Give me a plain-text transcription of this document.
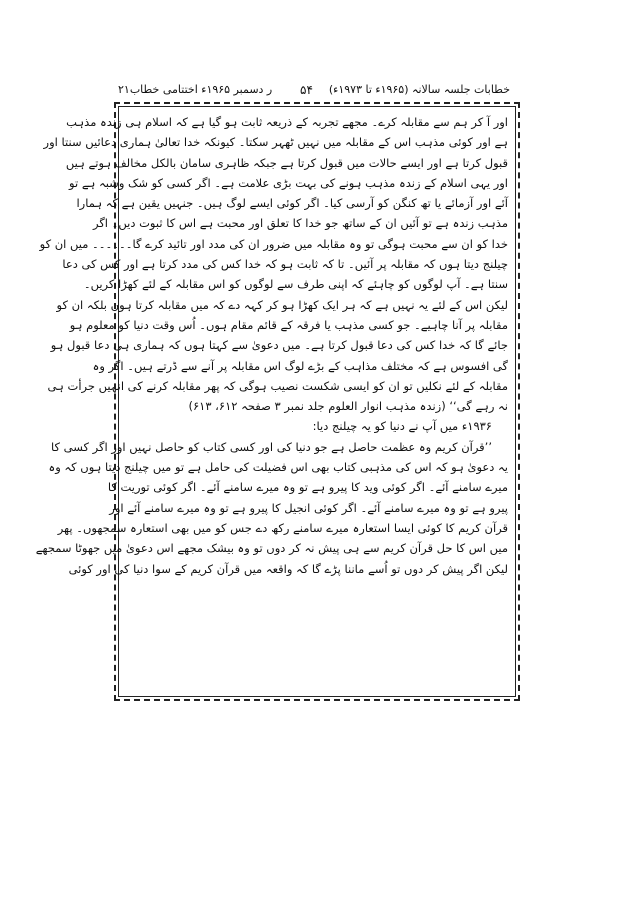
۲۱ر دسمبر ۱۹۶۵ء اختتامی خطاب ۵۴ خطابات جلسہ سالانہ (۱۹۶۵ء تا ۱۹۷۳ء)
اور آ کر ہم سے مقابلہ کرے۔ مجھے تجربہ کے ذریعہ ثابت ہو گیا ہے کہ اسلام ہی زندہ مذہب
ہے اور کوئی مذہب اس کے مقابلہ میں نہیں ٹھہر سکتا۔ کیونکہ خدا تعالیٰ ہماری دعائیں سنتا اور
قبول کرتا ہے اور ایسے حالات میں قبول کرتا ہے جبکہ ظاہری سامان بالکل مخالف ہوتے ہیں
اور یہی اسلام کے زندہ مذہب ہونے کی بہت بڑی علامت ہے۔ اگر کسی کو شک وشبہ ہے تو
آئے اور آزمائے یا تھ کنگن کو آرسی کیا۔ اگر کوئی ایسے لوگ ہیں۔ جنہیں یقین ہے کہ ہمارا
مذہب زندہ ہے تو آئیں ان کے ساتھ جو خدا کا تعلق اور محبت ہے اس کا ثبوت دیں۔ اگر
خدا کو ان سے محبت ہوگی تو وہ مقابلہ میں ضرور ان کی مدد اور تائید کرے گا۔۔۔۔۔۔ میں ان کو
چیلنج دیتا ہوں کہ مقابلہ پر آئیں۔ تا کہ ثابت ہو کہ خدا کس کی مدد کرتا ہے اور کس کی دعا
سنتا ہے۔ آپ لوگوں کو چاہئے کہ اپنی طرف سے لوگوں کو اس مقابلہ کے لئے کھڑا کریں۔
لیکن اس کے لئے یہ نہیں ہے کہ ہر ایک کھڑا ہو کر کہہ دے کہ میں مقابلہ کرتا ہوں بلکہ ان کو
مقابلہ پر آنا چاہیے۔ جو کسی مذہب یا فرقہ کے قائم مقام ہوں۔ اُس وقت دنیا کو معلوم ہو
جائے گا کہ خدا کس کی دعا قبول کرتا ہے۔ میں دعویٰ سے کہتا ہوں کہ ہماری ہی دعا قبول ہو
گی افسوس ہے کہ مختلف مذاہب کے بڑے لوگ اس مقابلہ پر آنے سے ڈرتے ہیں۔ اگر وہ
مقابلہ کے لئے نکلیں تو ان کو ایسی شکست نصیب ہوگی کہ پھر مقابلہ کرنے کی انہیں جرأت ہی
نہ رہے گی‘‘ (زندہ مذہب انوار العلوم جلد نمبر ۳ صفحہ ۶۱۲، ۶۱۳)
۱۹۳۶ء میں آپ نے دنیا کو یہ چیلنج دیا:
’’قرآن کریم وہ عظمت حاصل ہے جو دنیا کی اور کسی کتاب کو حاصل نہیں اور اگر کسی کا
یہ دعویٰ ہو کہ اس کی مذہبی کتاب بھی اس فضیلت کی حامل ہے تو میں چیلنج دیتا ہوں کہ وہ
میرے سامنے آئے۔ اگر کوئی وید کا پیرو ہے تو وہ میرے سامنے آئے۔ اگر کوئی توریت کا
پیرو ہے تو وہ میرے سامنے آئے۔ اگر کوئی انجیل کا پیرو ہے تو وہ میرے سامنے آئے اور
قرآن کریم کا کوئی ایسا استعارہ میرے سامنے رکھ دے جس کو میں بھی استعارہ سمجھوں۔ پھر
میں اس کا حل قرآن کریم سے ہی پیش نہ کر دوں تو وہ بیشک مجھے اس دعویٰ میں جھوٹا سمجھے
لیکن اگر پیش کر دوں تو اُسے ماننا پڑے گا کہ واقعہ میں قرآن کریم کے سوا دنیا کی اور کوئی
